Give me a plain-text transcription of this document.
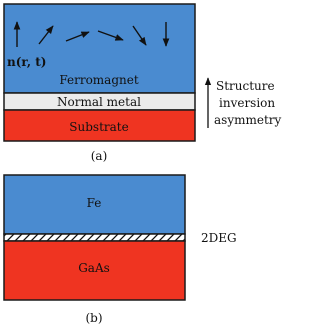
n(r, t)
Ferromagnet
Normal metal
Substrate
(a)
Structure
inversion
asymmetry
Fe
GaAs
2DEG
(b)
